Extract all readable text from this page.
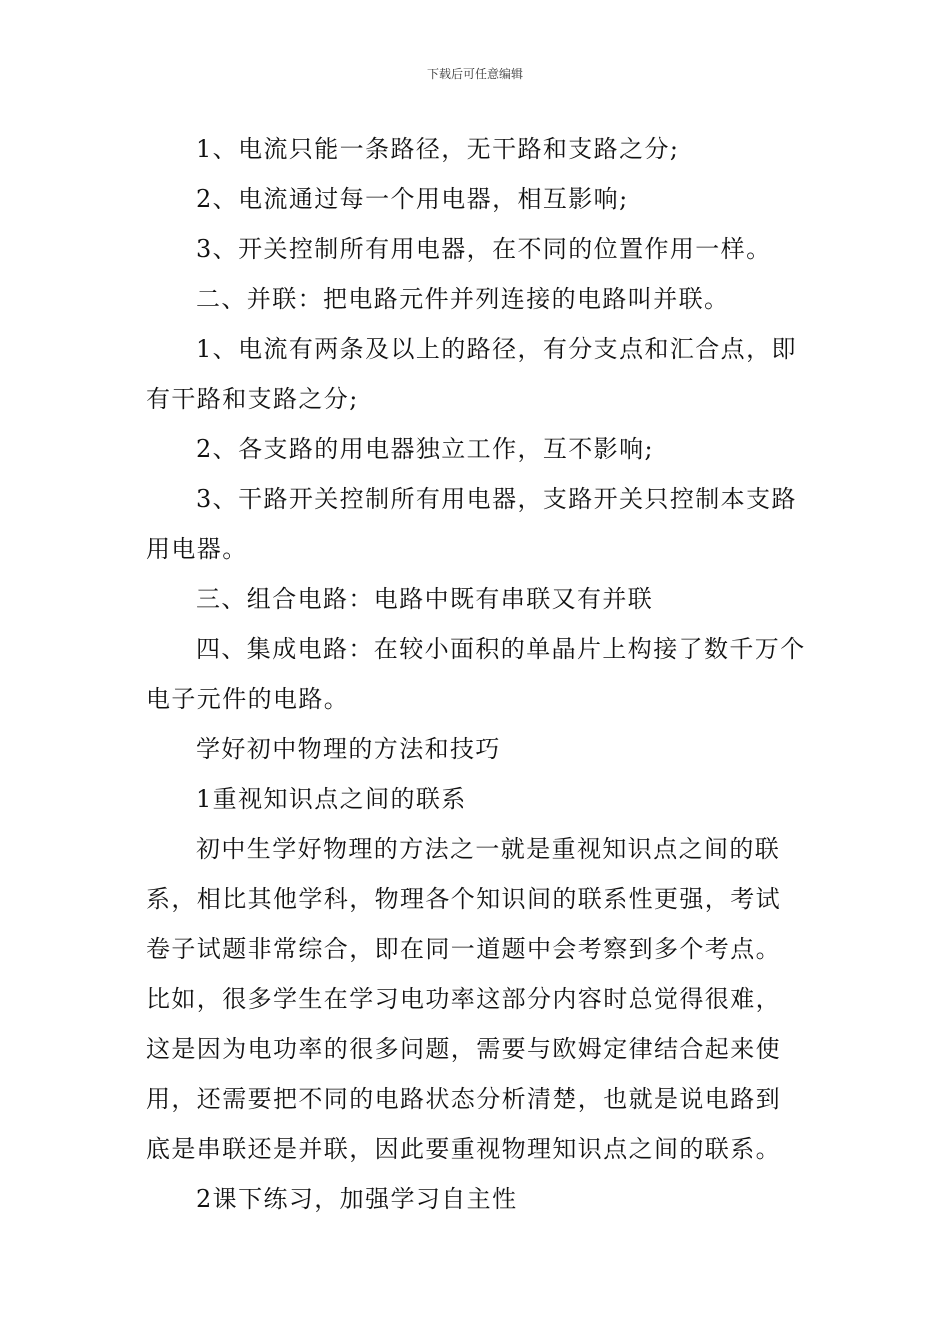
下载后可任意编辑

1、电流只能一条路径，无干路和支路之分;

2、电流通过每一个用电器，相互影响;

3、开关控制所有用电器，在不同的位置作用一样。

二、并联：把电路元件并列连接的电路叫并联。

1、电流有两条及以上的路径，有分支点和汇合点，即有干路和支路之分;

2、各支路的用电器独立工作，互不影响;

3、干路开关控制所有用电器，支路开关只控制本支路用电器。

三、组合电路：电路中既有串联又有并联

四、集成电路：在较小面积的单晶片上构接了数千万个电子元件的电路。

学好初中物理的方法和技巧

1重视知识点之间的联系

初中生学好物理的方法之一就是重视知识点之间的联系，相比其他学科，物理各个知识间的联系性更强，考试卷子试题非常综合，即在同一道题中会考察到多个考点。比如，很多学生在学习电功率这部分内容时总觉得很难，这是因为电功率的很多问题，需要与欧姆定律结合起来使用，还需要把不同的电路状态分析清楚，也就是说电路到底是串联还是并联，因此要重视物理知识点之间的联系。

2课下练习，加强学习自主性
